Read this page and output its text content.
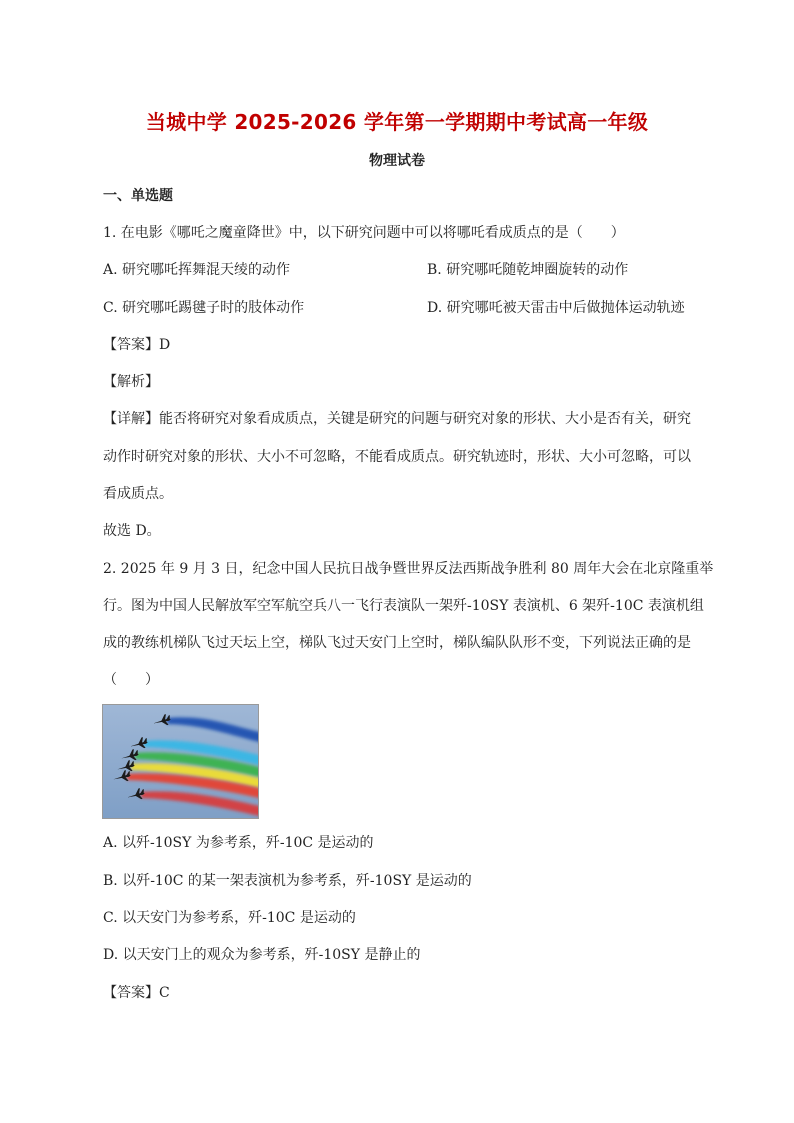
当城中学 2025-2026 学年第一学期期中考试高一年级
物理试卷
一、单选题
1. 在电影《哪吒之魔童降世》中，以下研究问题中可以将哪吒看成质点的是（　　）
A. 研究哪吒挥舞混天绫的动作	B. 研究哪吒随乾坤圈旋转的动作
C. 研究哪吒踢毽子时的肢体动作	D. 研究哪吒被天雷击中后做抛体运动轨迹
【答案】D
【解析】
【详解】能否将研究对象看成质点，关键是研究的问题与研究对象的形状、大小是否有关，研究
动作时研究对象的形状、大小不可忽略，不能看成质点。研究轨迹时，形状、大小可忽略，可以
看成质点。
故选 D。
2. 2025 年 9 月 3 日，纪念中国人民抗日战争暨世界反法西斯战争胜利 80 周年大会在北京隆重举
行。图为中国人民解放军空军航空兵八一飞行表演队一架歼-10SY 表演机、6 架歼-10C 表演机组
成的教练机梯队飞过天坛上空，梯队飞过天安门上空时，梯队编队队形不变，下列说法正确的是
（　　）
A. 以歼-10SY 为参考系，歼-10C 是运动的
B. 以歼-10C 的某一架表演机为参考系，歼-10SY 是运动的
C. 以天安门为参考系，歼-10C 是运动的
D. 以天安门上的观众为参考系，歼-10SY 是静止的
【答案】C
